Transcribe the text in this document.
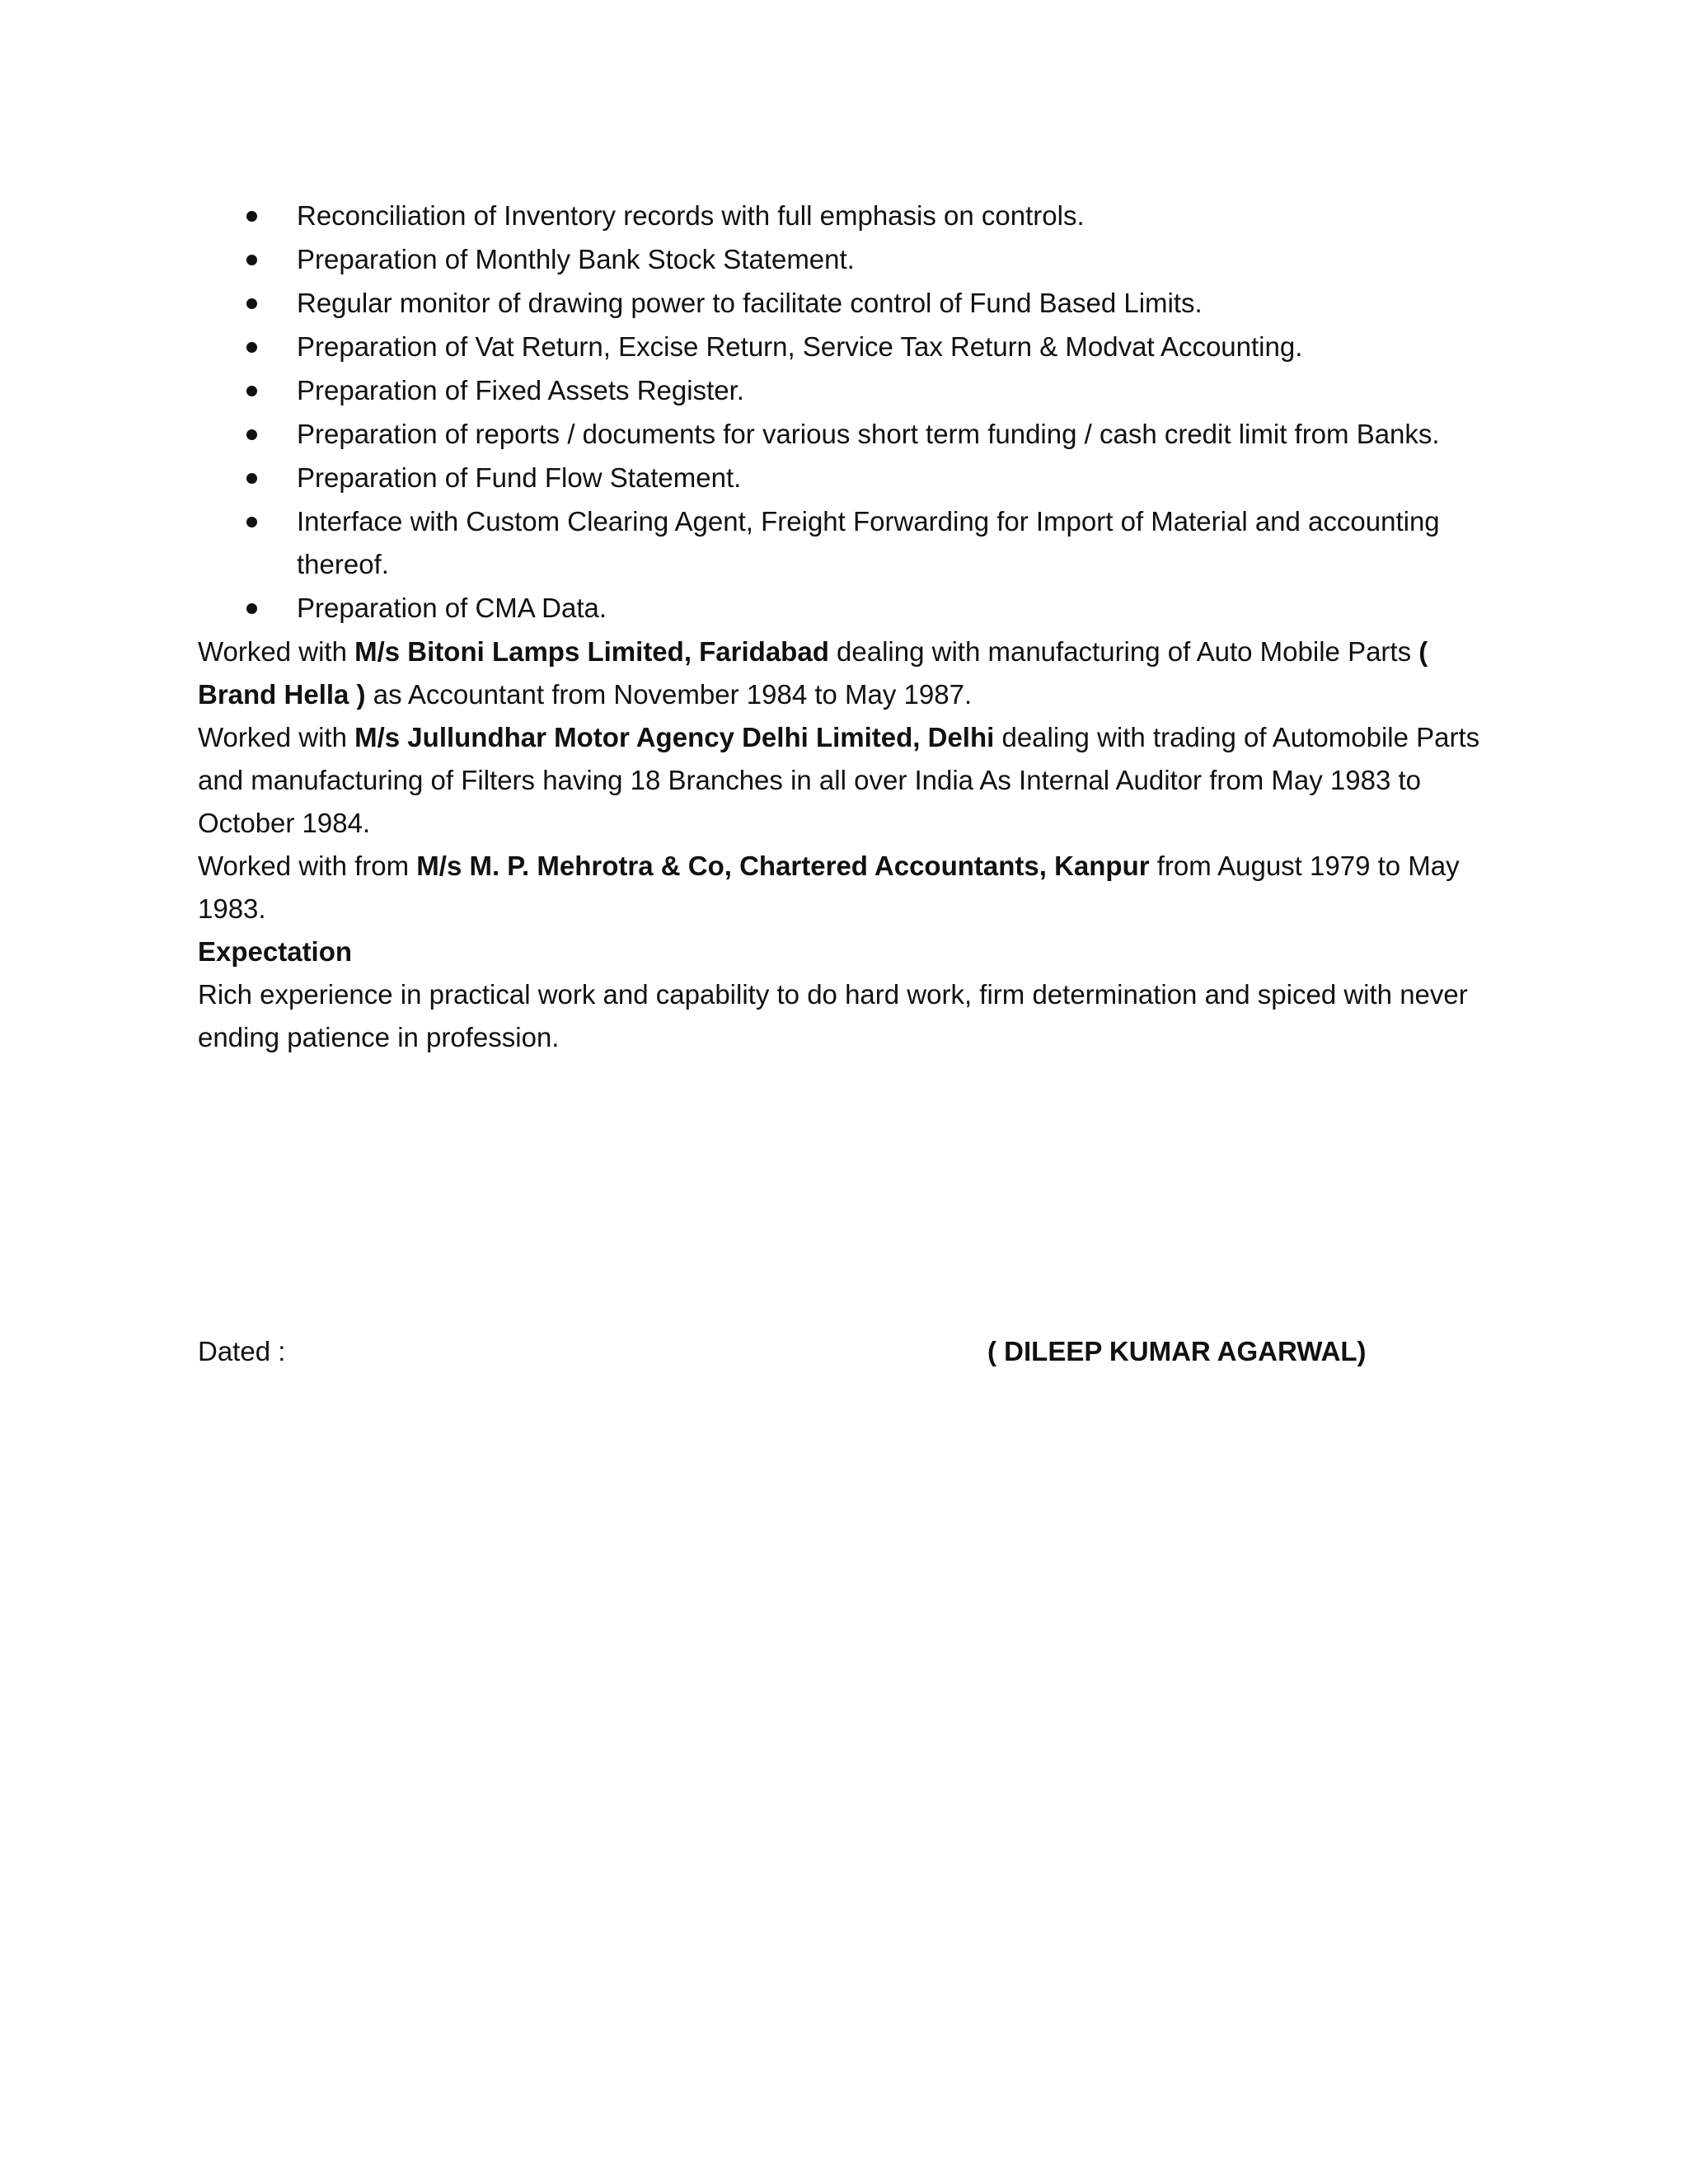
Reconciliation of Inventory records with full emphasis on controls.
Preparation of Monthly Bank Stock Statement.
Regular monitor of drawing power to facilitate control of Fund Based Limits.
Preparation of Vat Return, Excise Return, Service Tax Return & Modvat Accounting.
Preparation of Fixed Assets Register.
Preparation of reports / documents for various short term funding / cash credit limit from Banks.
Preparation of Fund Flow Statement.
Interface with Custom Clearing Agent, Freight Forwarding for Import of Material and accounting thereof.
Preparation of CMA Data.

Worked with M/s Bitoni Lamps Limited, Faridabad dealing with manufacturing of Auto Mobile Parts ( Brand Hella ) as Accountant from November 1984 to May 1987.

Worked with M/s Jullundhar Motor Agency Delhi Limited, Delhi dealing with trading of Automobile Parts and manufacturing of Filters having 18 Branches in all over India As Internal Auditor from May 1983 to October 1984.

Worked with from M/s M. P. Mehrotra & Co, Chartered Accountants, Kanpur from August 1979 to May 1983.

Expectation

Rich experience in practical work and capability to do hard work, firm determination and spiced with never ending patience in profession.

Dated :	( DILEEP KUMAR AGARWAL)
